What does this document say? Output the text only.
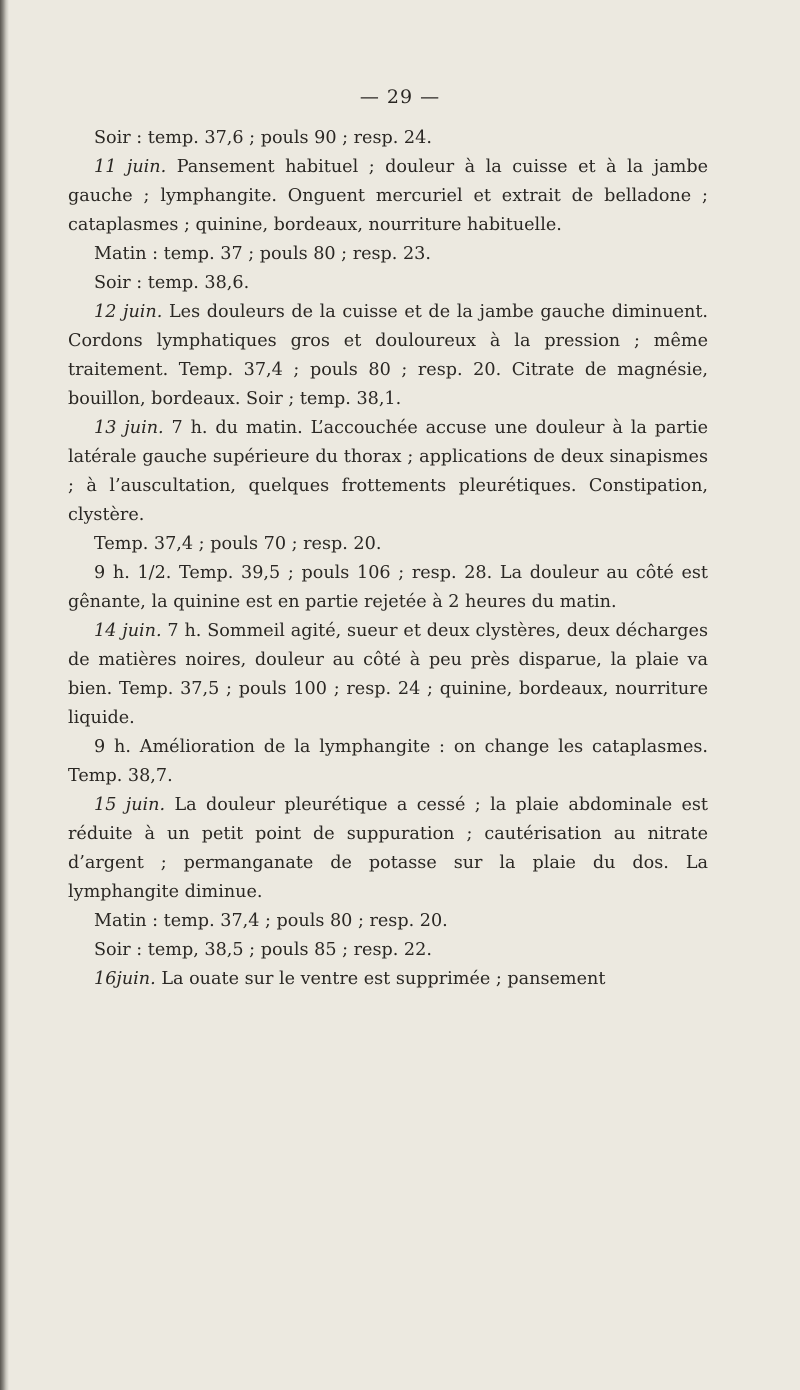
— 29 —

Soir : temp. 37,6 ; pouls 90 ; resp. 24.

11 juin. Pansement habituel ; douleur à la cuisse et à la jambe gauche ; lymphangite. Onguent mercuriel et extrait de belladone ; cataplasmes ; quinine, bordeaux, nourriture habituelle.

Matin : temp. 37 ; pouls 80 ; resp. 23.

Soir : temp. 38,6.

12 juin. Les douleurs de la cuisse et de la jambe gauche diminuent. Cordons lymphatiques gros et douloureux à la pression ; même traitement. Temp. 37,4 ; pouls 80 ; resp. 20. Citrate de magnésie, bouillon, bordeaux. Soir ; temp. 38,1.

13 juin. 7 h. du matin. L’accouchée accuse une douleur à la partie latérale gauche supérieure du thorax ; applications de deux sinapismes ; à l’auscultation, quelques frottements pleurétiques. Constipation, clystère.

Temp. 37,4 ; pouls 70 ; resp. 20.

9 h. 1/2. Temp. 39,5 ; pouls 106 ; resp. 28. La douleur au côté est gênante, la quinine est en partie rejetée à 2 heures du matin.

14 juin. 7 h. Sommeil agité, sueur et deux clystères, deux décharges de matières noires, douleur au côté à peu près disparue, la plaie va bien. Temp. 37,5 ; pouls 100 ; resp. 24 ; quinine, bordeaux, nourriture liquide.

9 h. Amélioration de la lymphangite : on change les cataplasmes. Temp. 38,7.

15 juin. La douleur pleurétique a cessé ; la plaie abdominale est réduite à un petit point de suppuration ; cautérisation au nitrate d’argent ; permanganate de potasse sur la plaie du dos. La lymphangite diminue.

Matin : temp. 37,4 ; pouls 80 ; resp. 20.

Soir : temp, 38,5 ; pouls 85 ; resp. 22.

16juin. La ouate sur le ventre est supprimée ; pansement
